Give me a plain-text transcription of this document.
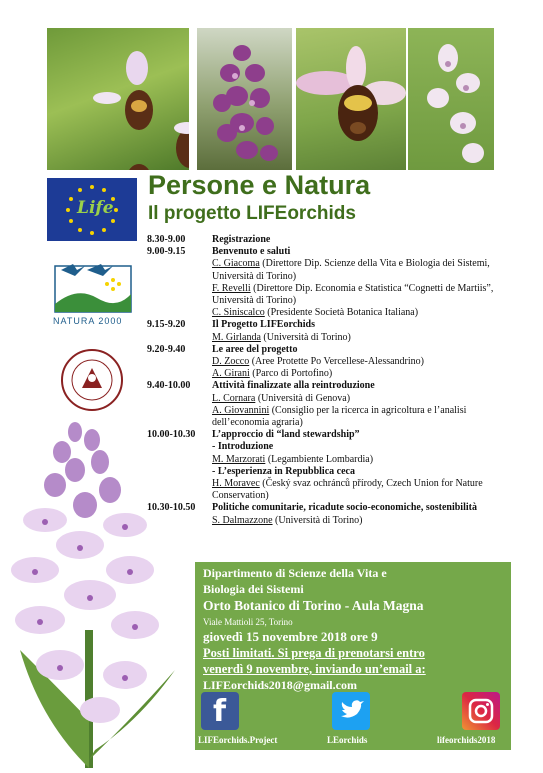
Persone e Natura
Il progetto LIFEorchids
Life
NATURA 2000
8.30-9.00	Registrazione
9.00-9.15	Benvenuto e saluti
C. Giacoma (Direttore Dip. Scienze della Vita e Biologia dei Sistemi, Università di Torino)
F. Revelli (Direttore Dip. Economia e Statistica “Cognetti de Martiis”, Università di Torino)
C. Siniscalco (Presidente Società Botanica Italiana)
9.15-9.20	Il Progetto LIFEorchids
M. Girlanda (Università di Torino)
9.20-9.40	Le aree del progetto
D. Zocco (Aree Protette Po Vercellese-Alessandrino)
A. Girani (Parco di Portofino)
9.40-10.00	Attività finalizzate alla reintroduzione
L. Cornara (Università di Genova)
A. Giovannini (Consiglio per la ricerca in agricoltura e l’analisi dell’economia agraria)
10.00-10.30	L’approccio di “land stewardship”
- Introduzione
M. Marzorati (Legambiente Lombardia)
- L’esperienza in Repubblica ceca
H. Moravec (Český svaz ochránců přírody, Czech Union for Nature Conservation)
10.30-10.50	Politiche comunitarie, ricadute socio-economiche, sostenibilità
S. Dalmazzone (Università di Torino)
Dipartimento di Scienze della Vita e
Biologia dei Sistemi
Orto Botanico di Torino - Aula Magna
Viale Mattioli 25, Torino
giovedì 15 novembre 2018 ore 9
Posti limitati. Si prega di prenotarsi entro
venerdì 9 novembre, inviando un’email a:
LIFEorchids2018@gmail.com
f
LIFEorchids.Project	LEorchids	lifeorchids2018
